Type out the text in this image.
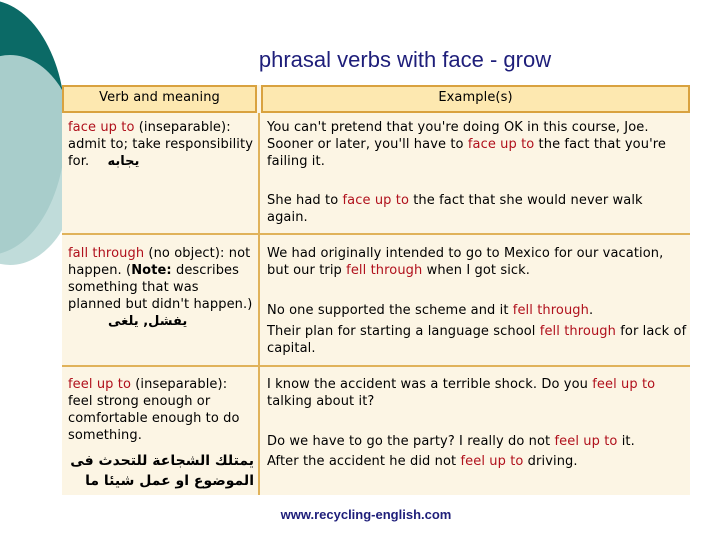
phrasal verbs with face - grow
Verb and meaning	Example(s)
face up to (inseparable): admit to; take responsibility for. يجابه
You can't pretend that you're doing OK in this course, Joe. Sooner or later, you'll have to face up to the fact that you're failing it.
She had to face up to the fact that she would never walk again.
fall through (no object): not happen. (Note: describes something that was planned but didn't happen.) يفشل, يلغى
We had originally intended to go to Mexico for our vacation, but our trip fell through when I got sick.
No one supported the scheme and it fell through.
Their plan for starting a language school fell through for lack of capital.
feel up to (inseparable): feel strong enough or comfortable enough to do something.
يمتلك الشجاعة للتحدث فى
الموضوع او عمل شيئا ما
I know the accident was a terrible shock. Do you feel up to talking about it?
Do we have to go the party? I really do not feel up to it.
After the accident he did not feel up to driving.
www.recycling-english.com
